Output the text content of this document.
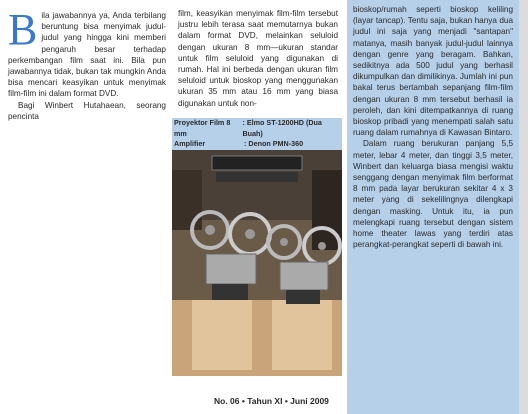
B ila jawabannya ya, Anda terbilang beruntung bisa menyimak judul-judul yang hingga kini memberi pengaruh besar terhadap perkembangan film saat ini. Bila pun jawabannya tidak, bukan tak mungkin Anda bisa mencari keasyikan untuk menyimak film-film ini dalam format DVD.

Bagi Winbert Hutahaean, seorang pencinta

film, keasyikan menyimak film-film tersebut justru lebih terasa saat memutarnya bukan dalam format DVD, melainkan seluloid dengan ukuran 8 mm—ukuran standar untuk film seluloid yang digunakan di rumah. Hal ini berbeda dengan ukuran film seluloid untuk bioskop yang menggunakan ukuran 35 mm atau 16 mm yang biasa digunakan untuk non-

Proyektor Film 8 mm
: Elmo ST-1200HD (Dua Buah)
Amplifier	: Denon PMN-360

bioskop/rumah seperti bioskop keliling (layar tancap). Tentu saja, bukan hanya dua judul ini saja yang menjadi "santapan" matanya, masih banyak judul-judul lainnya dengan genre yang beragam. Bahkan, sedikitnya ada 500 judul yang berhasil dikumpulkan dan dimilikinya. Jumlah ini pun bakal terus bertambah sepanjang film-film dengan ukuran 8 mm tersebut berhasil ia peroleh, dan kini ditempatkannya di ruang bioskop pribadi yang menempati salah satu ruang dalam rumahnya di Kawasan Bintaro.

Dalam ruang berukuran panjang 5,5 meter, lebar 4 meter, dan tinggi 3,5 meter, Winbert dan keluarga biasa mengisi waktu senggang dengan menyimak film berformat 8 mm pada layar berukuran sekitar 4 x 3 meter yang di sekelilingnya dilengkapi dengan masking. Untuk itu, ia pun melengkapi ruang tersebut dengan sistem home theater lawas yang terdiri atas perangkat-perangkat seperti di bawah ini.

No. 06 • Tahun XI • Juni 2009
